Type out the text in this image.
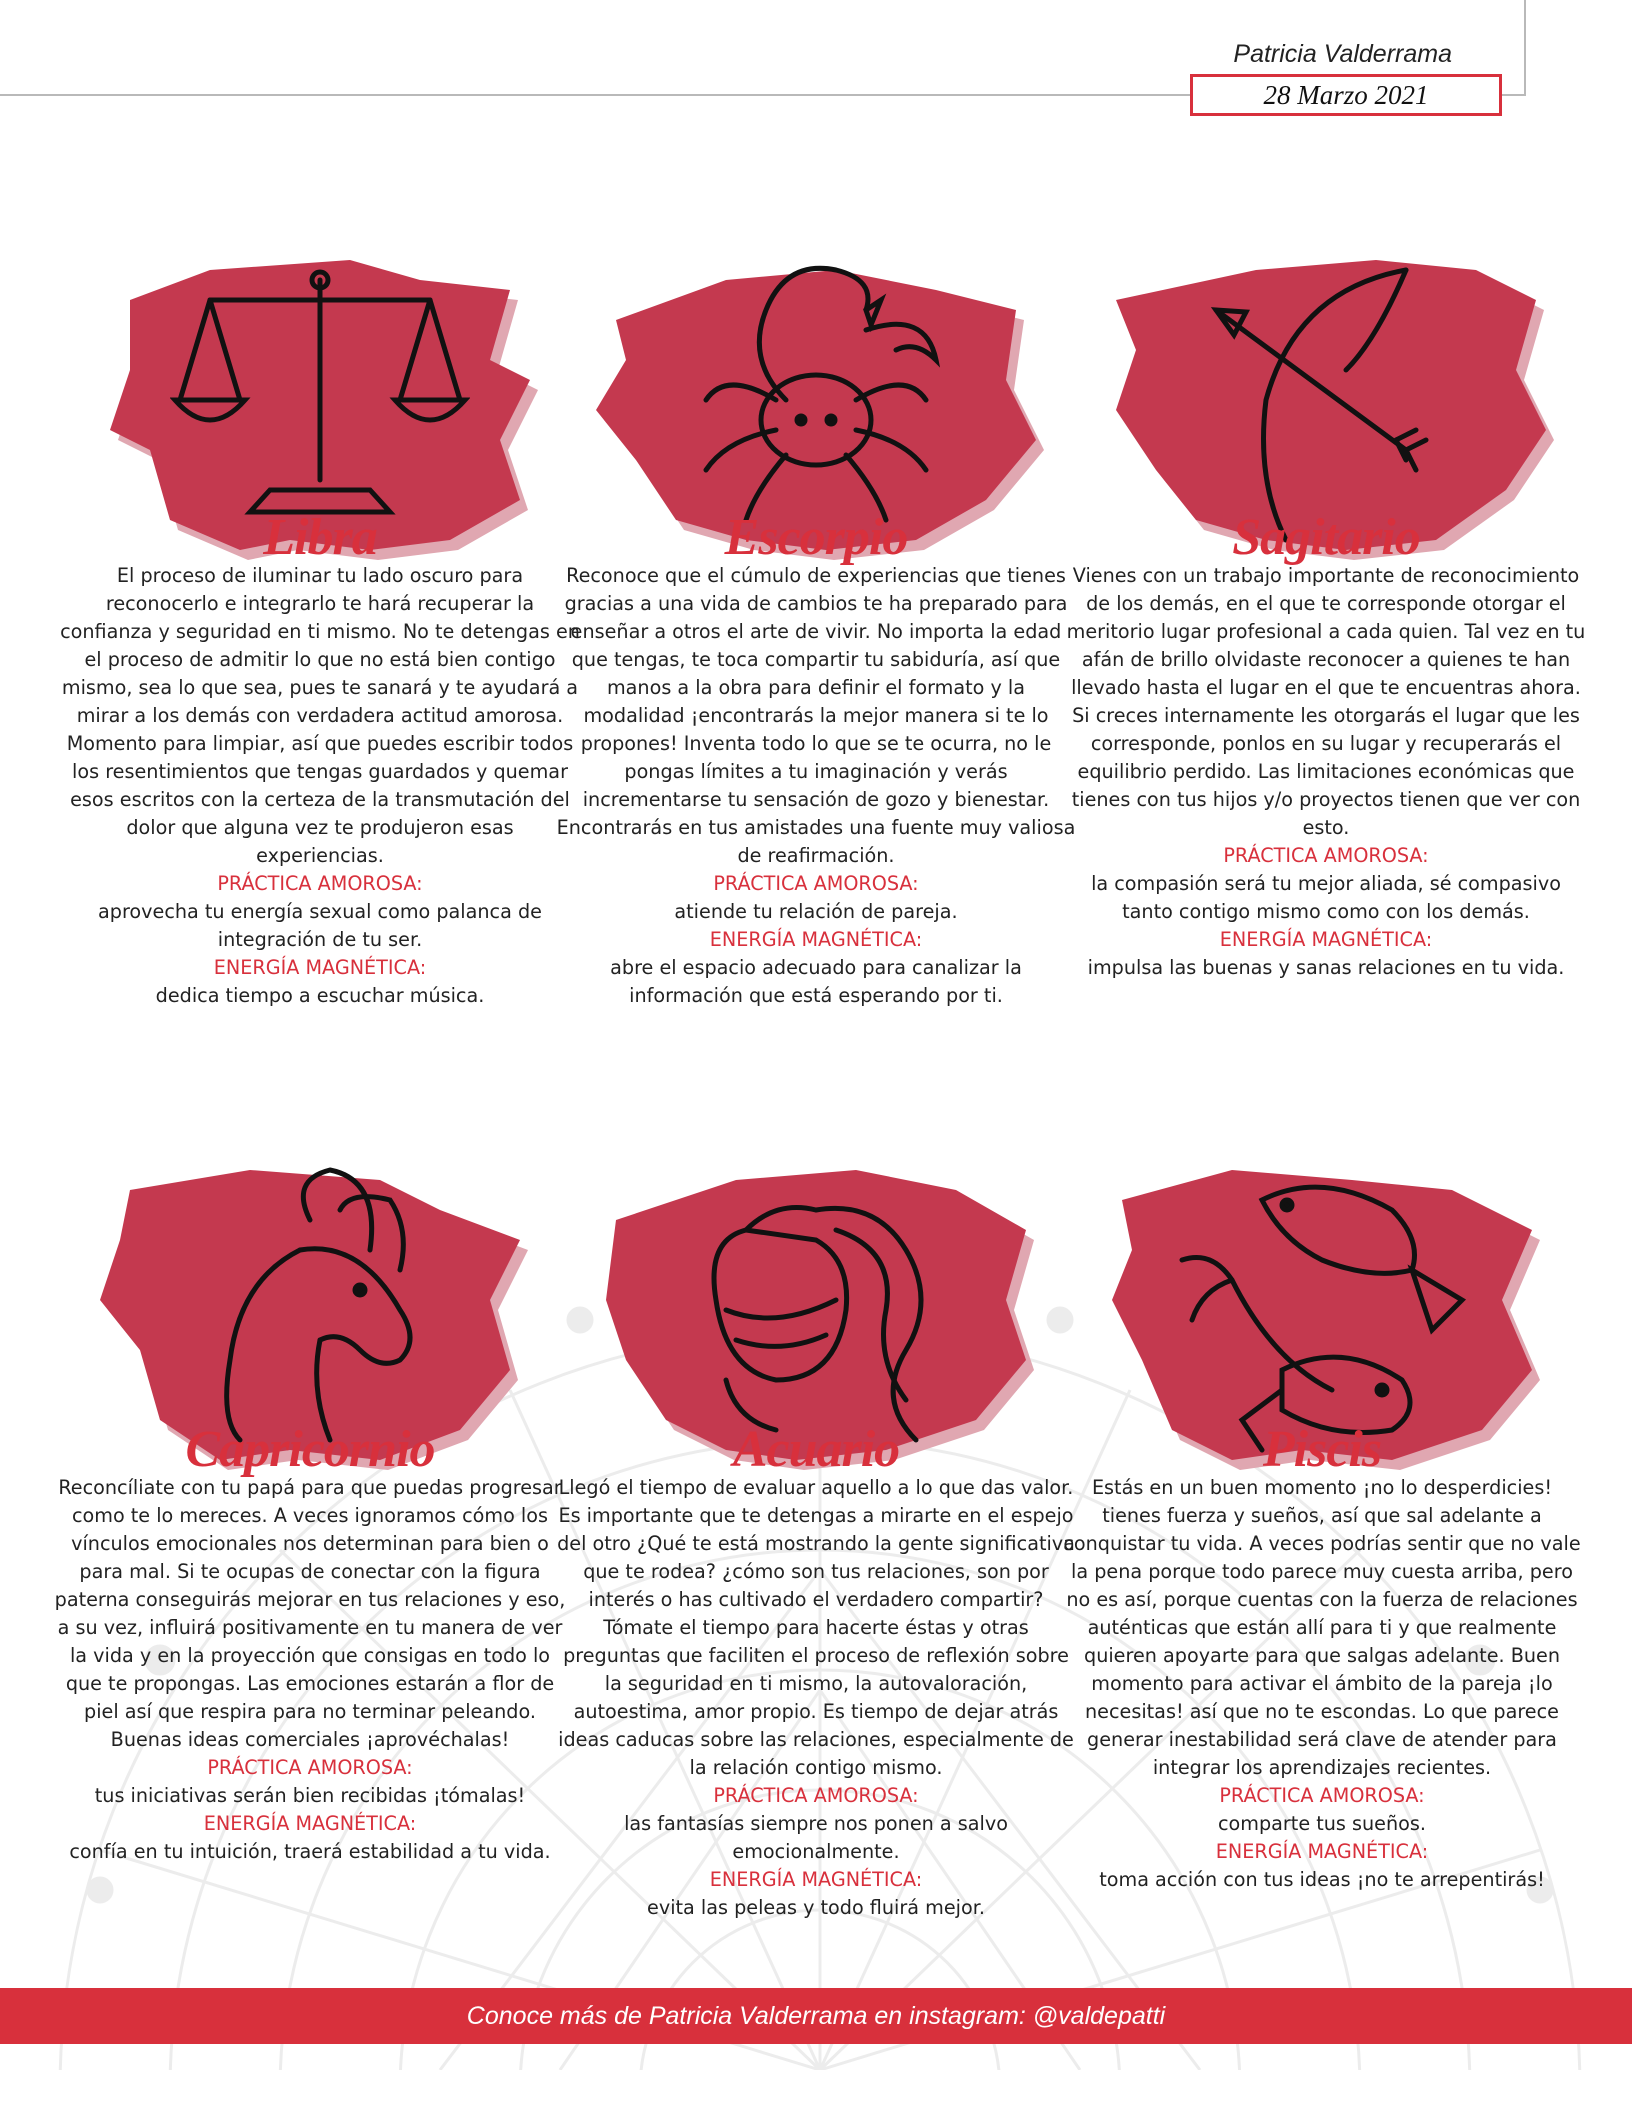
Patricia Valderrama
28 Marzo 2021
Libra

El proceso de iluminar tu lado oscuro para reconocerlo e integrarlo te hará recuperar la confianza y seguridad en ti mismo. No te detengas en el proceso de admitir lo que no está bien contigo mismo, sea lo que sea, pues te sanará y te ayudará a mirar a los demás con verdadera actitud amorosa. Momento para limpiar, así que puedes escribir todos los resentimientos que tengas guardados y quemar esos escritos con la certeza de la transmutación del dolor que alguna vez te produjeron esas experiencias.

PRÁCTICA AMOROSA:

aprovecha tu energía sexual como palanca de integración de tu ser.

ENERGÍA MAGNÉTICA:

dedica tiempo a escuchar música.

Escorpio

Reconoce que el cúmulo de experiencias que tienes gracias a una vida de cambios te ha preparado para enseñar a otros el arte de vivir. No importa la edad que tengas, te toca compartir tu sabiduría, así que manos a la obra para definir el formato y la modalidad ¡encontrarás la mejor manera si te lo propones! Inventa todo lo que se te ocurra, no le pongas límites a tu imaginación y verás incrementarse tu sensación de gozo y bienestar. Encontrarás en tus amistades una fuente muy valiosa de reafirmación.

PRÁCTICA AMOROSA:

atiende tu relación de pareja.

ENERGÍA MAGNÉTICA:

abre el espacio adecuado para canalizar la información que está esperando por ti.

Sagitario

Vienes con un trabajo importante de reconocimiento de los demás, en el que te corresponde otorgar el meritorio lugar profesional a cada quien. Tal vez en tu afán de brillo olvidaste reconocer a quienes te han llevado hasta el lugar en el que te encuentras ahora. Si creces internamente les otorgarás el lugar que les corresponde, ponlos en su lugar y recuperarás el equilibrio perdido. Las limitaciones económicas que tienes con tus hijos y/o proyectos tienen que ver con esto.

PRÁCTICA AMOROSA:

la compasión será tu mejor aliada, sé compasivo tanto contigo mismo como con los demás.

ENERGÍA MAGNÉTICA:

impulsa las buenas y sanas relaciones en tu vida.

Capricornio

Reconcíliate con tu papá para que puedas progresar como te lo mereces. A veces ignoramos cómo los vínculos emocionales nos determinan para bien o para mal. Si te ocupas de conectar con la figura paterna conseguirás mejorar en tus relaciones y eso, a su vez, influirá positivamente en tu manera de ver la vida y en la proyección que consigas en todo lo que te propongas. Las emociones estarán a flor de piel así que respira para no terminar peleando. Buenas ideas comerciales ¡aprovéchalas!

PRÁCTICA AMOROSA:

tus iniciativas serán bien recibidas ¡tómalas!

ENERGÍA MAGNÉTICA:

confía en tu intuición, traerá estabilidad a tu vida.

Acuario

Llegó el tiempo de evaluar aquello a lo que das valor. Es importante que te detengas a mirarte en el espejo del otro ¿Qué te está mostrando la gente significativa que te rodea? ¿cómo son tus relaciones, son por interés o has cultivado el verdadero compartir? Tómate el tiempo para hacerte éstas y otras preguntas que faciliten el proceso de reflexión sobre la seguridad en ti mismo, la autovaloración, autoestima, amor propio. Es tiempo de dejar atrás ideas caducas sobre las relaciones, especialmente de la relación contigo mismo.

PRÁCTICA AMOROSA:

las fantasías siempre nos ponen a salvo emocionalmente.

ENERGÍA MAGNÉTICA:

evita las peleas y todo fluirá mejor.

Piscis

Estás en un buen momento ¡no lo desperdicies! tienes fuerza y sueños, así que sal adelante a conquistar tu vida. A veces podrías sentir que no vale la pena porque todo parece muy cuesta arriba, pero no es así, porque cuentas con la fuerza de relaciones auténticas que están allí para ti y que realmente quieren apoyarte para que salgas adelante. Buen momento para activar el ámbito de la pareja ¡lo necesitas! así que no te escondas. Lo que parece generar inestabilidad será clave de atender para integrar los aprendizajes recientes.

PRÁCTICA AMOROSA:

comparte tus sueños.

ENERGÍA MAGNÉTICA:

toma acción con tus ideas ¡no te arrepentirás!

Conoce más de Patricia Valderrama en instagram: @valdepatti
